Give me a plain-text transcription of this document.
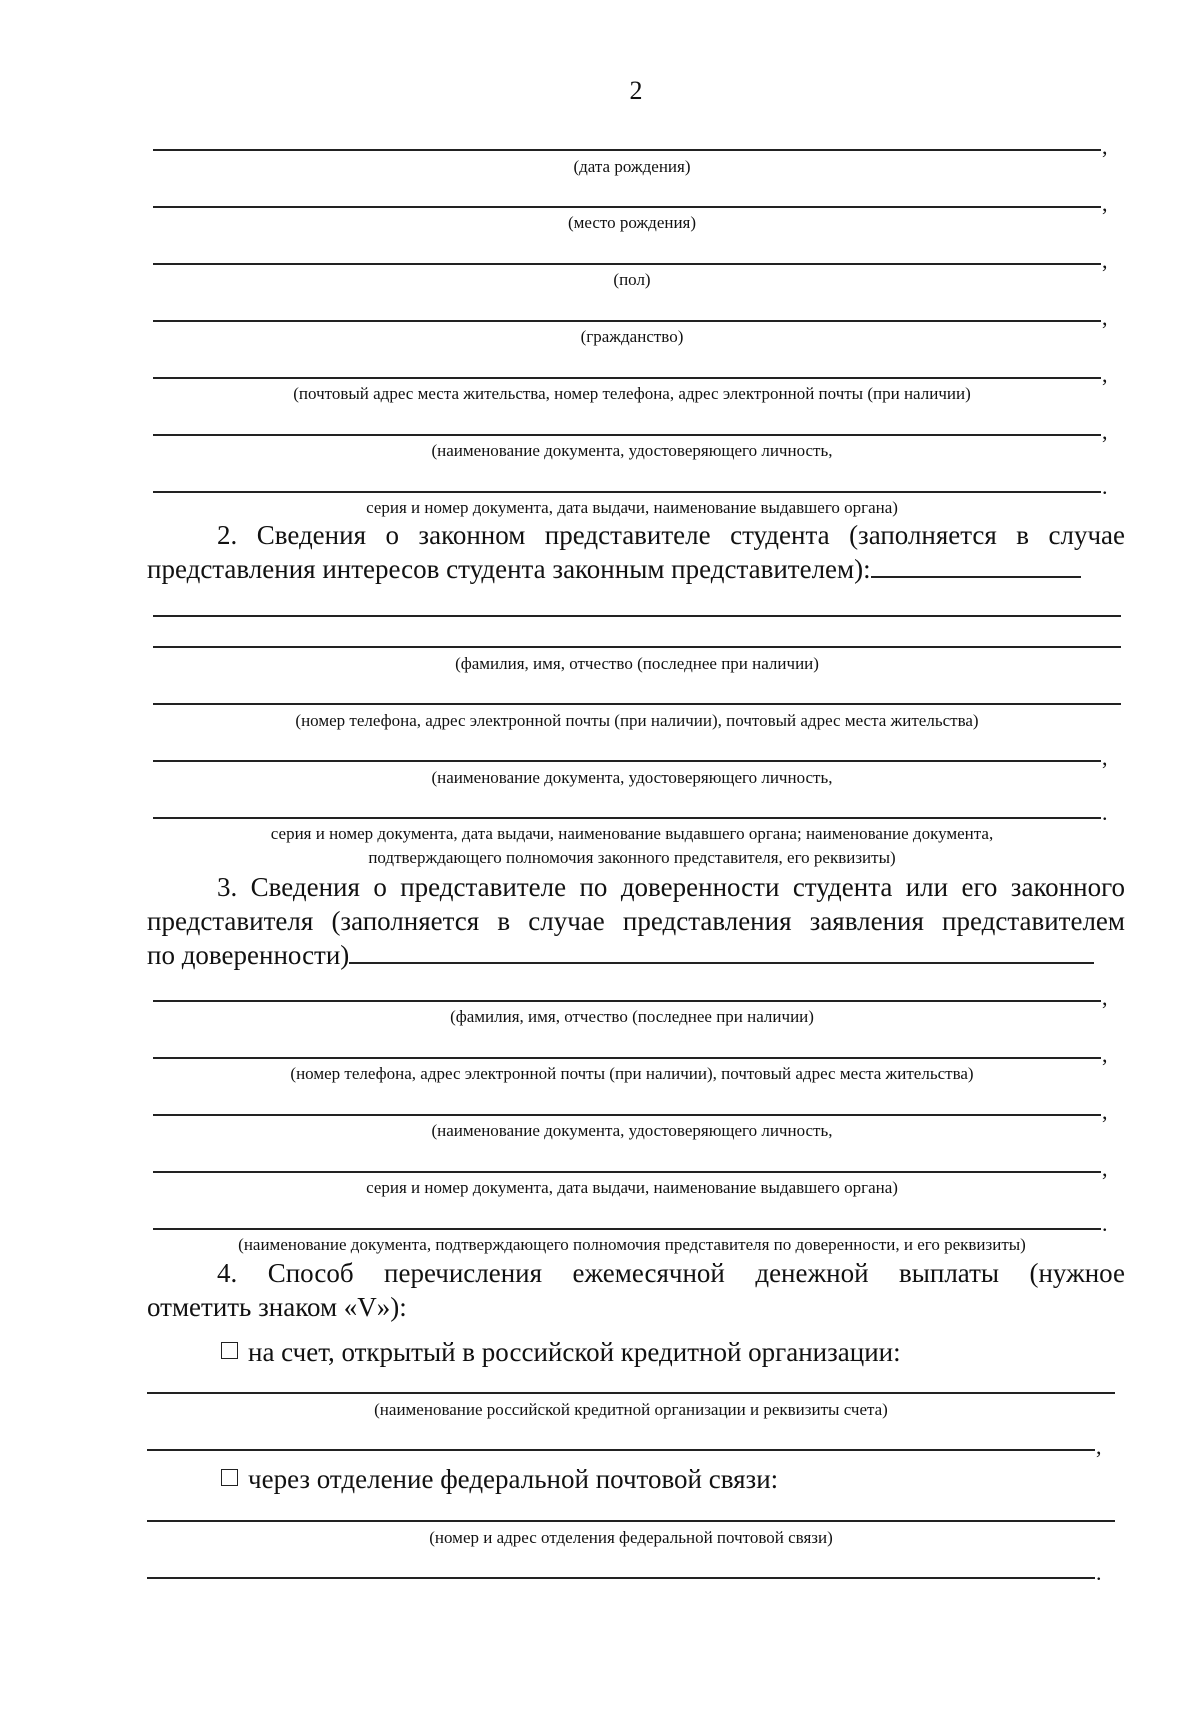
2
,
(дата рождения)
,
(место рождения)
,
(пол)
,
(гражданство)
,
(почтовый адрес места жительства, номер телефона, адрес электронной почты (при наличии)
,
(наименование документа, удостоверяющего личность,
.
серия и номер документа, дата выдачи, наименование выдавшего органа)

2. Сведения о законном представителе студента (заполняется в случае

представления интересов студента законным представителем):

(фамилия, имя, отчество (последнее при наличии)
(номер телефона, адрес электронной почты (при наличии), почтовый адрес места жительства)
,
(наименование документа, удостоверяющего личность,
.
серия и номер документа, дата выдачи, наименование выдавшего органа; наименование документа,
подтверждающего полномочия законного представителя, его реквизиты)

3. Сведения о представителе по доверенности студента или его законного

представителя (заполняется в случае представления заявления представителем

по доверенности)

,
(фамилия, имя, отчество (последнее при наличии)
,
(номер телефона, адрес электронной почты (при наличии), почтовый адрес места жительства)
,
(наименование документа, удостоверяющего личность,
,
серия и номер документа, дата выдачи, наименование выдавшего органа)
.
(наименование документа, подтверждающего полномочия представителя по доверенности, и его реквизиты)

4. Способ перечисления ежемесячной денежной выплаты (нужное

отметить знаком «V»):

на счет, открытый в российской кредитной организации:
(наименование российской кредитной организации и реквизиты счета)
,
через отделение федеральной почтовой связи:
(номер и адрес отделения федеральной почтовой связи)
.
